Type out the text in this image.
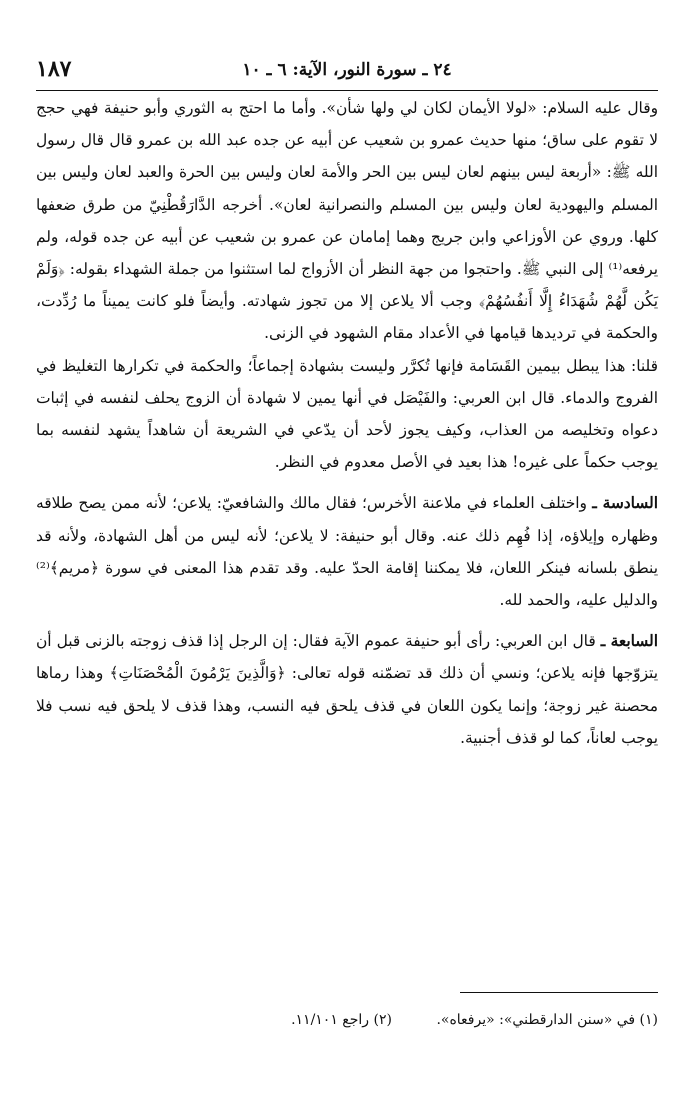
١٨٧	٢٤ ـ سورة النور، الآية: ٦ ـ ١٠

وقال عليه السلام: «لولا الأيمان لكان لي ولها شأن». وأما ما احتج به الثوري وأبو حنيفة فهي حجج لا تقوم على ساق؛ منها حديث عمرو بن شعيب عن أبيه عن جده عبد الله بن عمرو قال قال رسول الله ﷺ: «أربعة ليس بينهم لعان ليس بين الحر والأمة لعان وليس بين الحرة والعبد لعان وليس بين المسلم واليهودية لعان وليس بين المسلم والنصرانية لعان». أخرجه الدَّارَقُطْنِيّ من طرق ضعفها كلها. وروي عن الأوزاعي وابن جريج وهما إمامان عن عمرو بن شعيب عن أبيه عن جده قوله، ولم يرفعه⁽¹⁾ إلى النبي ﷺ. واحتجوا من جهة النظر أن الأزواج لما استثنوا من جملة الشهداء بقوله: ﴿وَلَمْ يَكُن لَّهُمْ شُهَدَاءُ إِلَّا أَنفُسُهُمْ﴾ وجب ألا يلاعن إلا من تجوز شهادته. وأيضاً فلو كانت يميناً ما رُدِّدت، والحكمة في ترديدها قيامها في الأعداد مقام الشهود في الزنى.

قلنا: هذا يبطل بيمين القَسَامة فإنها تُكرَّر وليست بشهادة إجماعاً؛ والحكمة في تكرارها التغليظ في الفروج والدماء. قال ابن العربي: والفَيْصَل في أنها يمين لا شهادة أن الزوج يحلف لنفسه في إثبات دعواه وتخليصه من العذاب، وكيف يجوز لأحد أن يدّعي في الشريعة أن شاهداً يشهد لنفسه بما يوجب حكماً على غيره! هذا بعيد في الأصل معدوم في النظر.

السادسة ـ واختلف العلماء في ملاعنة الأخرس؛ فقال مالك والشافعيّ: يلاعن؛ لأنه ممن يصح طلاقه وظهاره وإيلاؤه، إذا فُهِم ذلك عنه. وقال أبو حنيفة: لا يلاعن؛ لأنه ليس من أهل الشهادة، ولأنه قد ينطق بلسانه فينكر اللعان، فلا يمكننا إقامة الحدّ عليه. وقد تقدم هذا المعنى في سورة ﴿مريم﴾⁽²⁾ والدليل عليه، والحمد لله.

السابعة ـ قال ابن العربي: رأى أبو حنيفة عموم الآية فقال: إن الرجل إذا قذف زوجته بالزنى قبل أن يتزوّجها فإنه يلاعن؛ ونسي أن ذلك قد تضمّنه قوله تعالى: ﴿وَالَّذِينَ يَرْمُونَ الْمُحْصَنَاتِ﴾ وهذا رماها محصنة غير زوجة؛ وإنما يكون اللعان في قذف يلحق فيه النسب، وهذا قذف لا يلحق فيه نسب فلا يوجب لعاناً، كما لو قذف أجنبية.

(١) في «سنن الدارقطني»: «يرفعاه». (٢) راجع ١١/١٠١.
